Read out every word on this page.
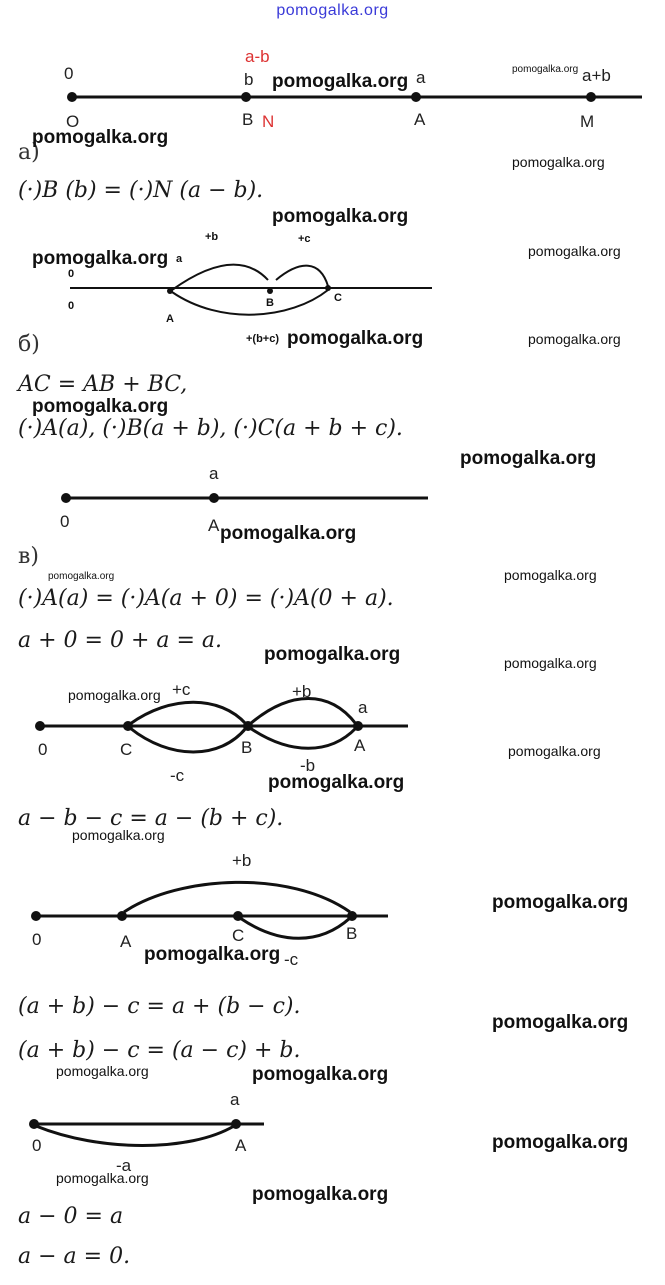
pomogalka.org
0
a-b
b	a	a+b
O	B N	A	M
pomogalka.org
pomogalka.org
а)
pomogalka.org
pomogalka.org
(·)B (b) = (·)N (a − b).
pomogalka.org
+b	+c
a
0
0
A
B	C
+(b+c)
pomogalka.org	pomogalka.org
pomogalka.org	pomogalka.org
б)
AC = AB + BC,
pomogalka.org
(·)A(a), (·)B(a + b), (·)C(a + b + c).
pomogalka.org
a
0	A pomogalka.org
в)
pomogalka.org	pomogalka.org
(·)A(a) = (·)A(a + 0) = (·)A(0 + a).
a + 0 = 0 + a = a.
pomogalka.org	pomogalka.org
+c	+b
a
0	C	B	A
-c
-b
pomogalka.org
pomogalka.org
pomogalka.org
a − b − c = a − (b + c).
pomogalka.org
+b
0	A	C	B
-c
pomogalka.org
pomogalka.org
(a + b) − c = a + (b − c).
pomogalka.org
(a + b) − c = (a − c) + b.
pomogalka.org	pomogalka.org
a
0	A
-a
pomogalka.org
pomogalka.org
pomogalka.org
a − 0 = a
a − a = 0.
